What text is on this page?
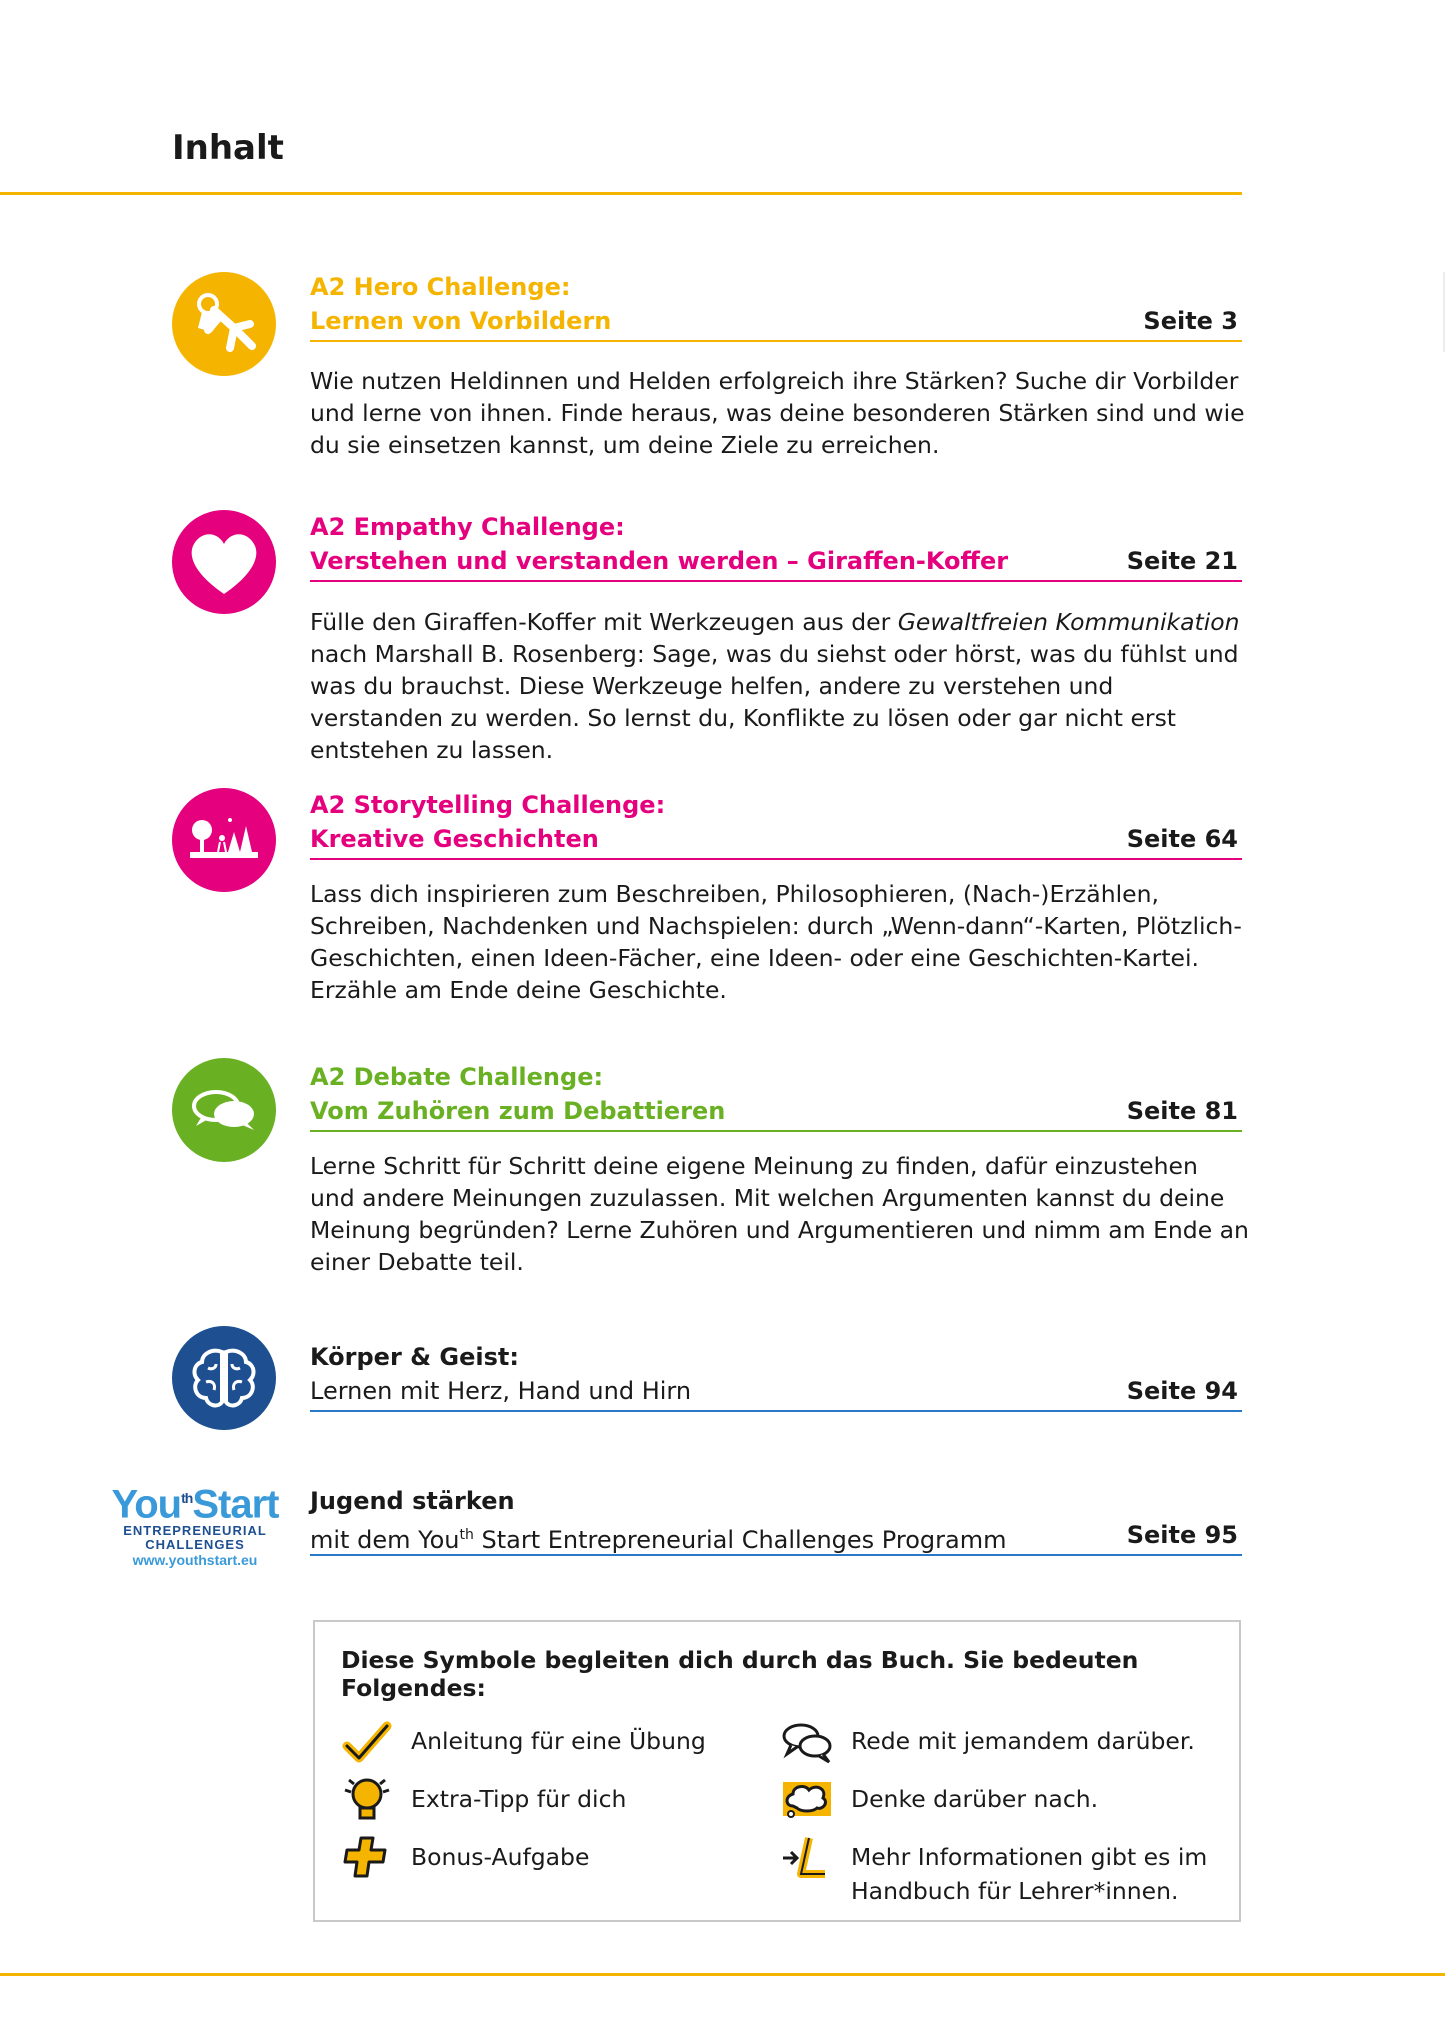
Inhalt
A2 Hero Challenge:
Lernen von Vorbildern	Seite 3
Wie nutzen Heldinnen und Helden erfolgreich ihre Stärken? Suche dir Vorbilder und lerne von ihnen. Finde heraus, was deine besonderen Stärken sind und wie du sie einsetzen kannst, um deine Ziele zu erreichen.
A2 Empathy Challenge:
Verstehen und verstanden werden – Giraffen-Koffer	Seite 21
Fülle den Giraffen-Koffer mit Werkzeugen aus der Gewaltfreien Kommunikation nach Marshall B. Rosenberg: Sage, was du siehst oder hörst, was du fühlst und was du brauchst. Diese Werkzeuge helfen, andere zu verstehen und verstanden zu werden. So lernst du, Konflikte zu lösen oder gar nicht erst entstehen zu lassen.
A2 Storytelling Challenge:
Kreative Geschichten	Seite 64
Lass dich inspirieren zum Beschreiben, Philosophieren, (Nach-)Erzählen, Schreiben, Nachdenken und Nachspielen: durch „Wenn-dann“-Karten, Plötzlich-Geschichten, einen Ideen-Fächer, eine Ideen- oder eine Geschichten-Kartei. Erzähle am Ende deine Geschichte.
A2 Debate Challenge:
Vom Zuhören zum Debattieren	Seite 81
Lerne Schritt für Schritt deine eigene Meinung zu finden, dafür einzustehen und andere Meinungen zuzulassen. Mit welchen Argumenten kannst du deine Meinung begründen? Lerne Zuhören und Argumentieren und nimm am Ende an einer Debatte teil.
Körper & Geist:
Lernen mit Herz, Hand und Hirn	Seite 94
You$^{th}$Start
ENTREPRENEURIAL
CHALLENGES
www.youthstart.eu
Jugend stärken
mit dem You$^{th}$ Start Entrepreneurial Challenges Programm	Seite 95
Diese Symbole begleiten dich durch das Buch. Sie bedeuten Folgendes:
Anleitung für eine Übung
Extra-Tipp für dich
Bonus-Aufgabe
Rede mit jemandem darüber.
Denke darüber nach.
Mehr Informationen gibt es im
Handbuch für Lehrer*innen.
